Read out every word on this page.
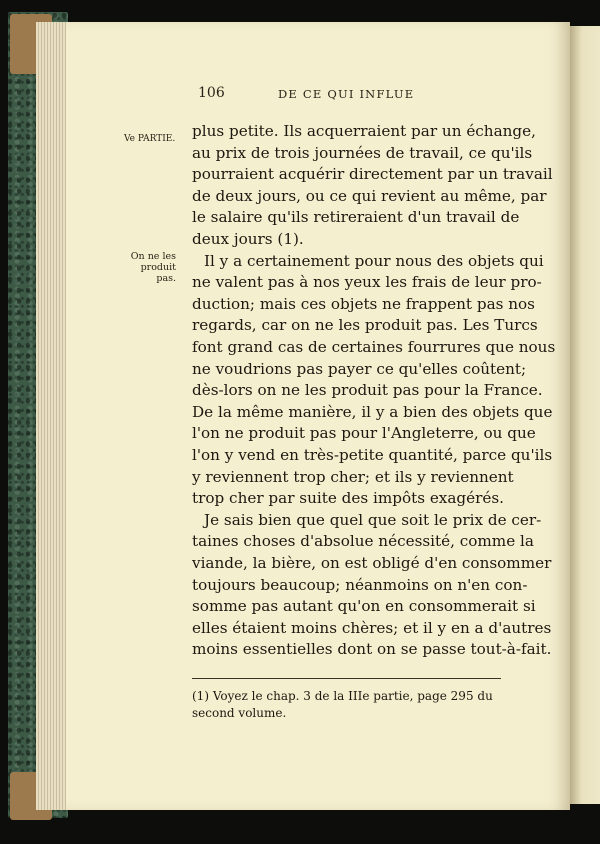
106	DE CE QUI INFLUE
Ve PARTIE.
On ne les
produit pas.
plus petite. Ils acquerraient par un échange,
au prix de trois journées de travail, ce qu'ils
pourraient acquérir directement par un travail
de deux jours, ou ce qui revient au même, par
le salaire qu'ils retireraient d'un travail de
deux jours (1).
Il y a certainement pour nous des objets qui
ne valent pas à nos yeux les frais de leur pro-
duction; mais ces objets ne frappent pas nos
regards, car on ne les produit pas. Les Turcs
font grand cas de certaines fourrures que nous
ne voudrions pas payer ce qu'elles coûtent;
dès-lors on ne les produit pas pour la France.
De la même manière, il y a bien des objets que
l'on ne produit pas pour l'Angleterre, ou que
l'on y vend en très-petite quantité, parce qu'ils
y reviennent trop cher; et ils y reviennent
trop cher par suite des impôts exagérés.
Je sais bien que quel que soit le prix de cer-
taines choses d'absolue nécessité, comme la
viande, la bière, on est obligé d'en consommer
toujours beaucoup; néanmoins on n'en con-
somme pas autant qu'on en consommerait si
elles étaient moins chères; et il y en a d'autres
moins essentielles dont on se passe tout-à-fait.
(1) Voyez le chap. 3 de la IIIe partie, page 295 du
second volume.
